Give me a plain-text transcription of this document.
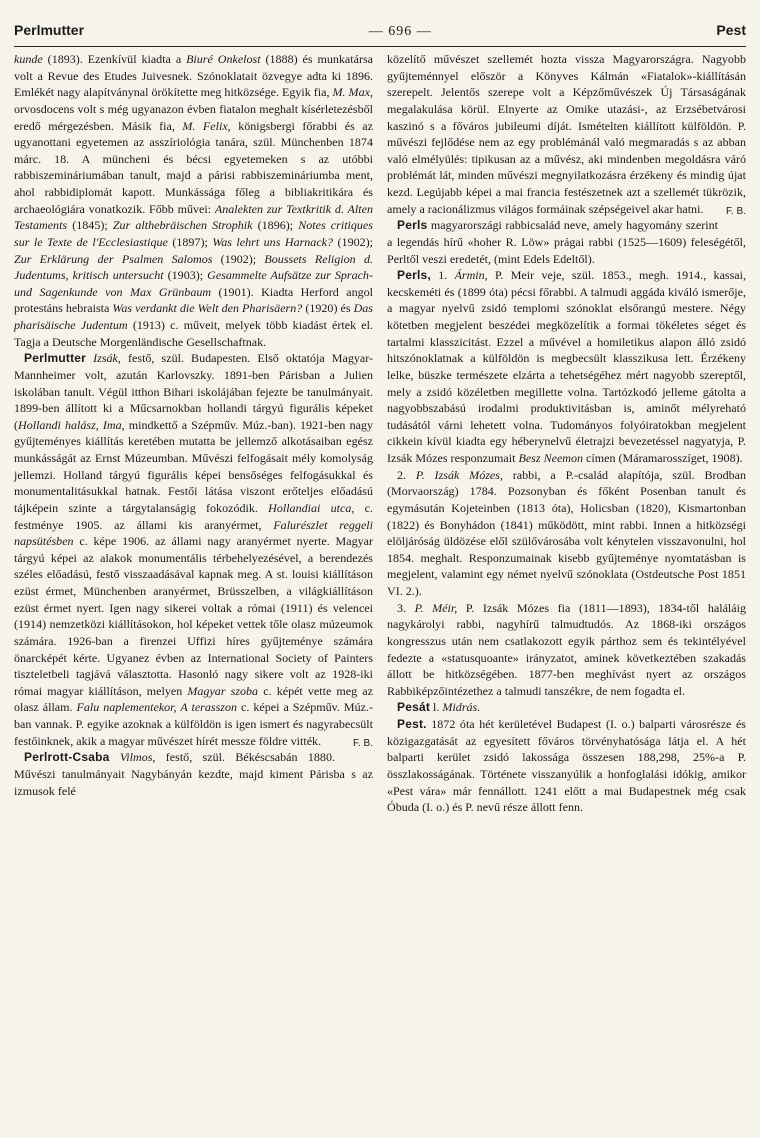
Perlmutter	— 696 —	Pest

kunde (1893). Ezenkívül kiadta a Biuré Onkelost (1888) és munkatársa volt a Revue des Etudes Juivesnek. Szónoklatait özvegye adta ki 1896. Emlékét nagy alapítványnal örökítette meg hitközsége. Egyik fia, M. Max, orvosdocens volt s még ugyanazon évben fiatalon meghalt kísérletezésből eredő mérgezésben. Másik fia, M. Felix, königsbergi főrabbi és az ugyanottani egyetemen az asszíriológia tanára, szül. Münchenben 1874 márc. 18. A müncheni és bécsi egyetemeken s az utóbbi rabbiszemináriumában tanult, majd a párisi rabbiszemináriumba ment, ahol rabbidiplomát kapott. Munkássága főleg a bibliakritikára és archaeológiára vonatkozik. Főbb művei: Analekten zur Textkritik d. Alten Testaments (1845); Zur althebräischen Strophik (1896); Notes critiques sur le Texte de l'Ecclesiastique (1897); Was lehrt uns Harnack? (1902); Zur Erklärung der Psalmen Salomos (1902); Boussets Religion d. Judentums, kritisch untersucht (1903); Gesammelte Aufsätze zur Sprach-und Sagenkunde von Max Grünbaum (1901). Kiadta Herford angol protestáns hebraista Was verdankt die Welt den Pharisäern? (1920) és Das pharisäische Judentum (1913) c. műveit, melyek több kiadást értek el. Tagja a Deutsche Morgenländische Gesellschaftnak.

Perlmutter Izsák, festő, szül. Budapesten. Első oktatója Magyar-Mannheimer volt, azután Karlovszky. 1891-ben Párisban a Julien iskolában tanult. Végül itthon Bihari iskolájában fejezte be tanulmányait. 1899-ben állított ki a Műcsarnokban hollandi tárgyú figurális képeket (Hollandi halász, Ima, mindkettő a Szépműv. Múz.-ban). 1921-ben nagy gyűjteményes kiállítás keretében mutatta be jellemző alkotásaiban egész munkásságát az Ernst Múzeumban. Művészi felfogásait mély komolyság jellemzi. Holland tárgyú figurális képei bensőséges felfogásukkal és monumentalitásukkal hatnak. Festői látása viszont erőteljes előadású tájképein szinte a tárgytalanságig fokozódik. Hollandiai utca, c. festménye 1905. az állami kis aranyérmet, Falurészlet reggeli napsütésben c. képe 1906. az állami nagy aranyérmet nyerte. Magyar tárgyú képei az alakok monumentális térbehelyezésével, a berendezés széles előadású, festő visszaadásával kapnak meg. A st. louisi kiállításon ezüst érmet, Münchenben aranyérmet, Brüsszelben, a világkiállításon ezüst érmet nyert. Igen nagy sikerei voltak a római (1911) és velencei (1914) nemzetközi kiállításokon, hol képeket vettek tőle olasz múzeumok számára. 1926-ban a firenzei Uffizi híres gyűjteménye számára önarcképét kérte. Ugyanez évben az International Society of Painters tiszteletbeli tagjává választotta. Hasonló nagy sikere volt az 1928-iki római magyar kiállításon, melyen Magyar szoba c. képét vette meg az olasz állam. Falu naplementekor, A terasszon c. képei a Szépműv. Múz.-ban vannak. P. egyike azoknak a külföldön is igen ismert és nagyrabecsült festőinknek, akik a magyar művészet hírét messze földre vitték.	F. B.

Perlrott-Csaba Vilmos, festő, szül. Békéscsabán 1880. Művészi tanulmányait Nagybányán kezdte, majd kiment Párisba s az izmusok felé

közelítő művészet szellemét hozta vissza Magyarországra. Nagyobb gyűjteménnyel először a Könyves Kálmán «Fiatalok»-kiállításán szerepelt. Jelentős szerepe volt a Képzőművészek Új Társaságának megalakulása körül. Elnyerte az Omike utazási-, az Erzsébetvárosi kaszinó s a főváros jubileumi díját. Ismételten kiállított külföldön. P. művészi fejlődése nem az egy problémánál való megmaradás s az abban való elmélyülés: tipikusan az a művész, aki mindenben megoldásra váró problémát lát, minden művészi megnyilatkozásra érzékeny és mindig újat kezd. Legújabb képei a mai francia festészetnek azt a szellemét tükrözik, amely a racionálizmus világos formáinak szépségeivel akar hatni.	F. B.

Perls magyarországi rabbicsalád neve, amely hagyomány szerint a legendás hírű «hoher R. Löw» prágai rabbi (1525—1609) feleségétől, Perltől veszi eredetét, (mint Edels Edeltől).

Perls, 1. Ármin, P. Meir veje, szül. 1853., megh. 1914., kassai, kecskeméti és (1899 óta) pécsi főrabbi. A talmudi aggáda kiváló ismerője, a magyar nyelvű zsidó templomi szónoklat elsőrangú mestere. Négy kötetben megjelent beszédei megközelítik a formai tökéletes séget és tartalmi klasszicitást. Ezzel a művével a homiletikus alapon álló zsidó hitszónoklatnak a külföldön is megbecsült klasszikusa lett. Érzékeny lelke, büszke természete elzárta a tehetségéhez mért nagyobb szereptől, mely a zsidó közéletben megillette volna. Tartózkodó jelleme gátolta a nagyobbszabású irodalmi produktivitásban is, aminőt mélyreható tudásától várni lehetett volna. Tudományos folyóiratokban megjelent cikkein kívül kiadta egy héberynelvű életrajzi bevezetéssel nagyatyja, P. Izsák Mózes responzumait Besz Neemon címen (Máramarosszíget, 1908).

2. P. Izsák Mózes, rabbi, a P.-család alapítója, szül. Brodban (Morvaország) 1784. Pozsonyban és főként Posenban tanult és egymásután Kojeteinben (1813 óta), Holicsban (1820), Kismartonban (1822) és Bonyhádon (1841) működött, mint rabbi. Innen a hitközségi elöljáróság üldözése elől szülővárosába volt kénytelen visszavonulni, hol 1854. meghalt. Responzumainak kisebb gyűjteménye nyomtatásban is megjelent, valamint egy német nyelvű szónoklata (Ostdeutsche Post 1851 VI. 2.).

3. P. Méir, P. Izsák Mózes fia (1811—1893), 1834-től haláláig nagykárolyi rabbi, nagyhírű talmudtudós. Az 1868-iki országos kongresszus után nem csatlakozott egyik párthoz sem és tekintélyével fedezte a «statusquoante» irányzatot, aminek következtében szakadás állott be hitközségében. 1877-ben meghívást nyert az országos Rabbiképzőintézethez a talmudi tanszékre, de nem fogadta el.

Pesát l. Midrás.

Pest. 1872 óta hét kerületével Budapest (I. o.) balparti városrésze és közigazgatását az egyesített főváros törvényhatósága látja el. A hét balparti kerület zsidó lakossága összesen 188,298, 25%-a P. összlakosságának. Története visszanyúlik a honfoglalási idókig, amikor «Pest vára» már fennállott. 1241 előtt a mai Budapestnek még csak Óbuda (I. o.) és P. nevű része állott fenn.
